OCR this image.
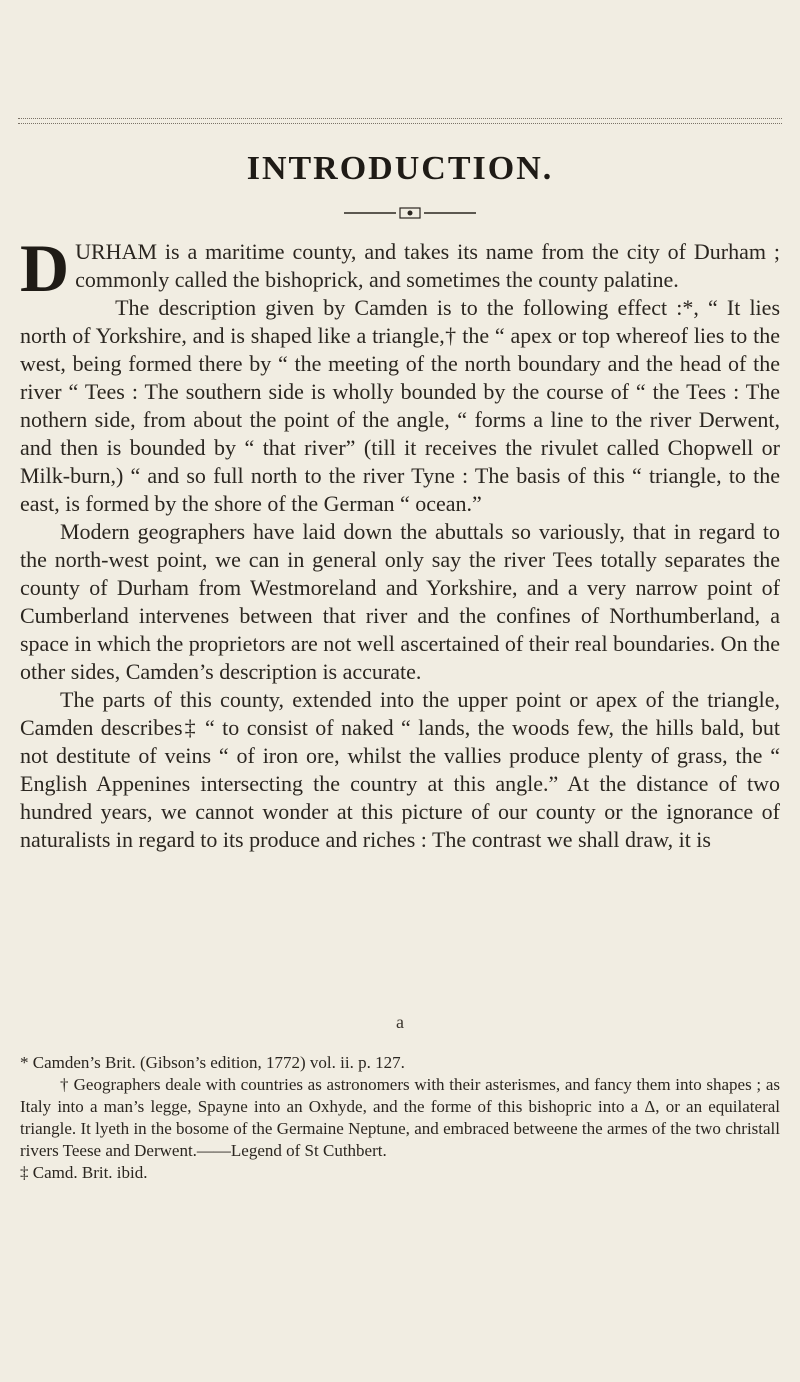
INTRODUCTION.

DURHAM is a maritime county, and takes its name from the city of Durham ; commonly called the bishoprick, and sometimes the county palatine.

The description given by Camden is to the following effect :*, “ It lies north of Yorkshire, and is shaped like a triangle,† the “ apex or top whereof lies to the west, being formed there by “ the meeting of the north boundary and the head of the river “ Tees : The southern side is wholly bounded by the course of “ the Tees : The nothern side, from about the point of the angle, “ forms a line to the river Derwent, and then is bounded by “ that river” (till it receives the rivulet called Chopwell or Milk-burn,) “ and so full north to the river Tyne : The basis of this “ triangle, to the east, is formed by the shore of the German “ ocean.”

Modern geographers have laid down the abuttals so variously, that in regard to the north-west point, we can in general only say the river Tees totally separates the county of Durham from Westmoreland and Yorkshire, and a very narrow point of Cumberland intervenes between that river and the confines of Northumberland, a space in which the proprietors are not well ascertained of their real boundaries. On the other sides, Camden’s description is accurate.

The parts of this county, extended into the upper point or apex of the triangle, Camden describes‡ “ to consist of naked “ lands, the woods few, the hills bald, but not destitute of veins “ of iron ore, whilst the vallies produce plenty of grass, the “ English Appenines intersecting the country at this angle.” At the distance of two hundred years, we cannot wonder at this picture of our county or the ignorance of naturalists in regard to its produce and riches : The contrast we shall draw, it is

a

* Camden’s Brit. (Gibson’s edition, 1772) vol. ii. p. 127.

† Geographers deale with countries as astronomers with their asterismes, and fancy them into shapes ; as Italy into a man’s legge, Spayne into an Oxhyde, and the forme of this bishopric into a Δ, or an equilateral triangle. It lyeth in the bosome of the Germaine Neptune, and embraced betweene the armes of the two christall rivers Teese and Derwent.——Legend of St Cuthbert.

‡ Camd. Brit. ibid.
